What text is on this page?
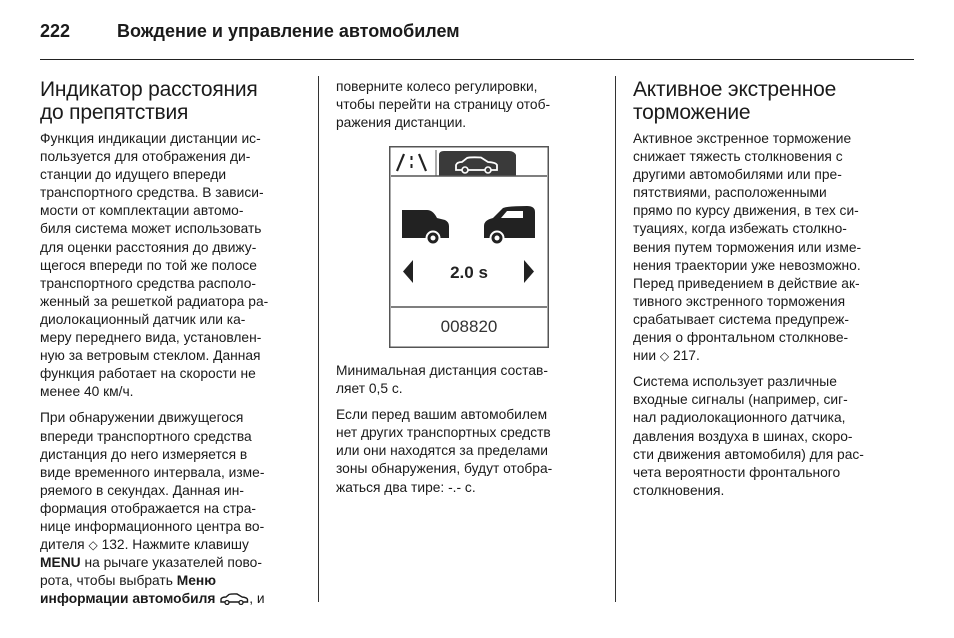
222	Вождение и управление автомобилем
Индикатор расстояния
до препятствия

Функция индикации дистанции ис-
пользуется для отображения ди-
станции до идущего впереди
транспортного средства. В зависи-
мости от комплектации автомо-
биля система может использовать
для оценки расстояния до движу-
щегося впереди по той же полосе
транспортного средства располо-
женный за решеткой радиатора ра-
диолокационный датчик или ка-
меру переднего вида, установлен-
ную за ветровым стеклом. Данная
функция работает на скорости не
менее 40 км/ч.

При обнаружении движущегося
впереди транспортного средства
дистанция до него измеряется в
виде временного интервала, изме-
ряемого в секундах. Данная ин-
формация отображается на стра-
нице информационного центра во-
дителя ◇ 132. Нажмите клавишу
MENU на рычаге указателей пово-
рота, чтобы выбрать Меню
информации автомобиля , и

поверните колесо регулировки,
чтобы перейти на страницу отоб-
ражения дистанции.

2.0 s
008820

Минимальная дистанция состав-
ляет 0,5 с.

Если перед вашим автомобилем
нет других транспортных средств
или они находятся за пределами
зоны обнаружения, будут отобра-
жаться два тире: -.- с.

Активное экстренное
торможение

Активное экстренное торможение
снижает тяжесть столкновения с
другими автомобилями или пре-
пятствиями, расположенными
прямо по курсу движения, в тех си-
туациях, когда избежать столкно-
вения путем торможения или изме-
нения траектории уже невозможно.
Перед приведением в действие ак-
тивного экстренного торможения
срабатывает система предупреж-
дения о фронтальном столкнове-
нии ◇ 217.

Система использует различные
входные сигналы (например, сиг-
нал радиолокационного датчика,
давления воздуха в шинах, скоро-
сти движения автомобиля) для рас-
чета вероятности фронтального
столкновения.
